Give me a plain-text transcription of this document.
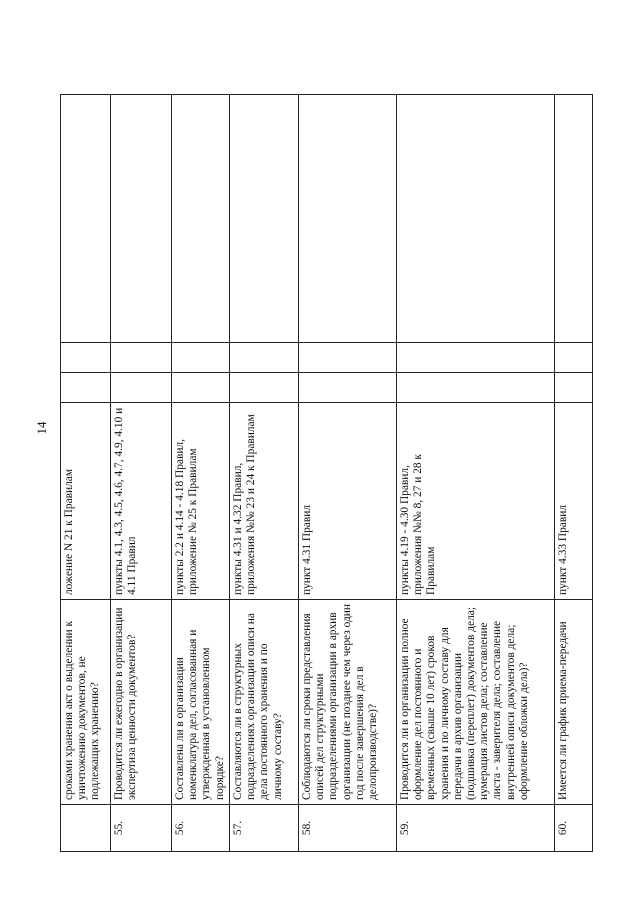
14
	сроками хранения акт о выделении к уничтожению документов, не подлежащих хранению?	ложение N 21 к Правилам			
55.	Проводится ли ежегодно в организации экспертиза ценности документов?	пункты 4.1, 4.3, 4.5, 4.6, 4.7, 4.9, 4.10 и 4.11 Правил			
56.	Составлена ли в организации номенклатура дел, согласованная и утвержденная в установленном порядке?	пункты 2.2 и 4.14 - 4.18 Правил, приложение № 25 к Правилам			
57.	Составляются ли в структурных подразделениях организации описи на дела постоянного хранения и по личному составу?	пункты 4.31 и 4.32 Правил, приложения №№ 23 и 24 к Правилам			
58.	Соблюдаются ли сроки представления описей дел структурными подразделениями организации в архив организации (не позднее чем через один год после завершения дел в делопроизводстве)?	пункт 4.31 Правил			
59.	Проводится ли в организации полное оформление дел постоянного и временных (свыше 10 лет) сроков хранения и по личному составу для передачи в архив организации (подшивка (переплет) документов дела; нумерация листов дела; составление листа - заверителя дела; составление внутренней описи документов дела; оформление обложки дела)?	пункты 4.19 - 4.30 Правил, приложения №№ 8, 27 и 28 к Правилам			
60.	Имеется ли график приема-передачи	пункт 4.33 Правил			
